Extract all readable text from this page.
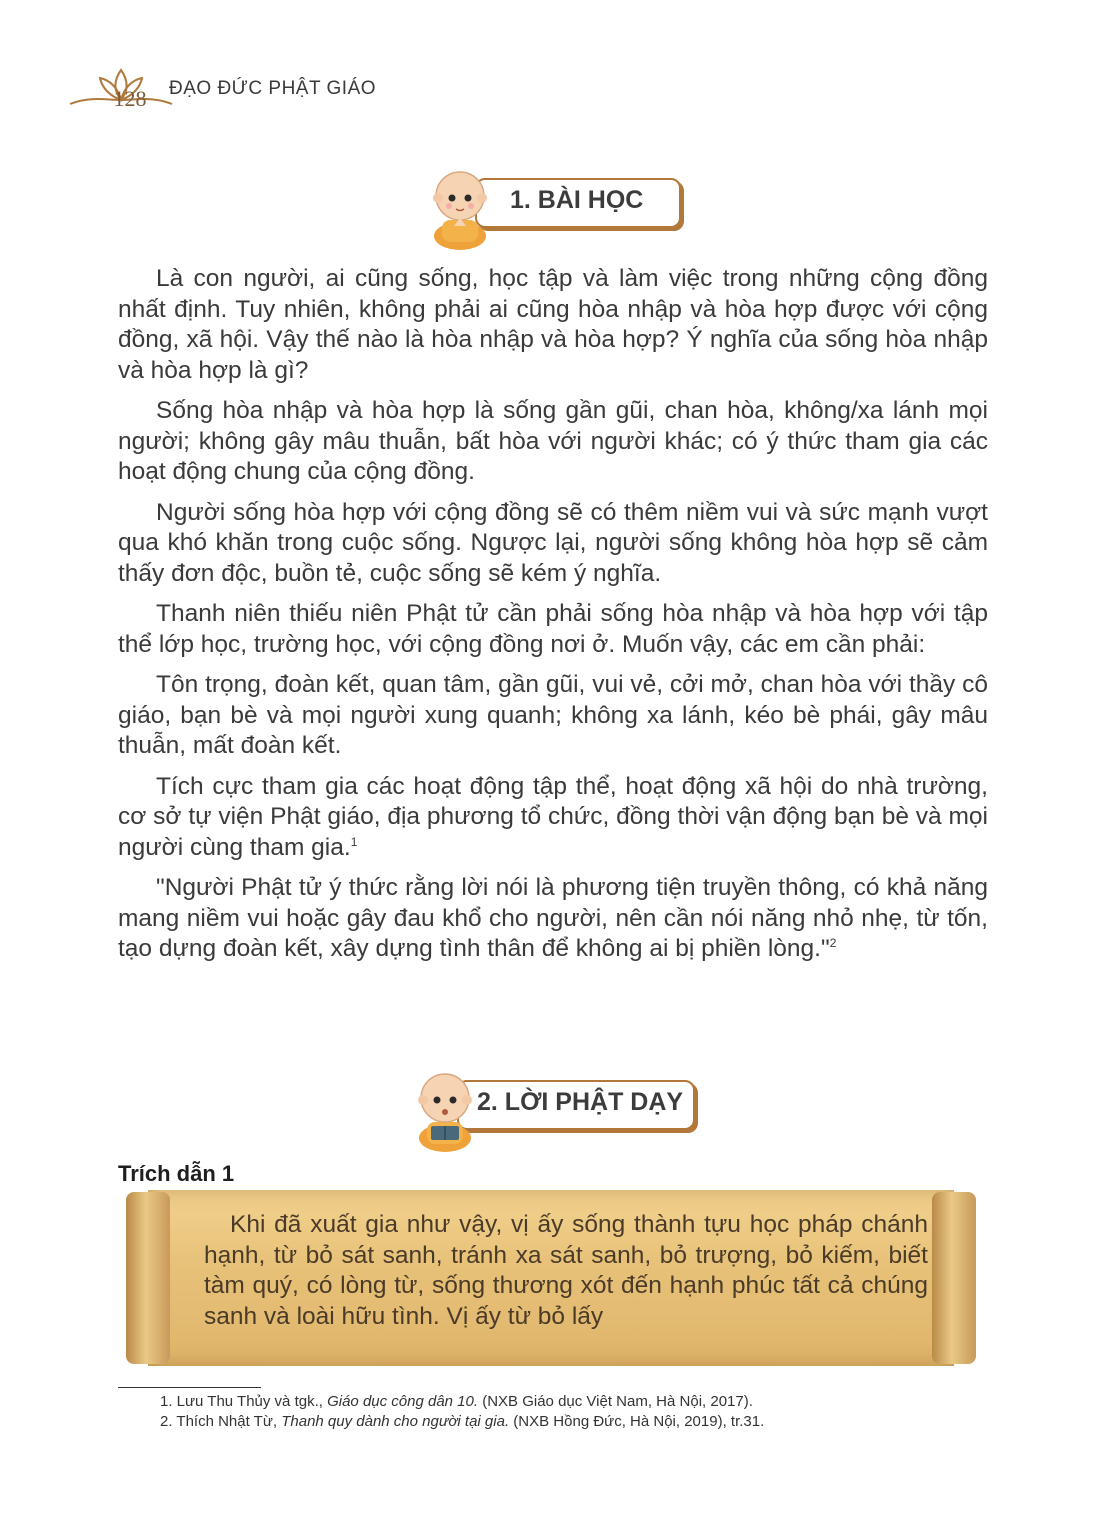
128	ĐẠO ĐỨC PHẬT GIÁO
1. BÀI HỌC

Là con người, ai cũng sống, học tập và làm việc trong những cộng đồng nhất định. Tuy nhiên, không phải ai cũng hòa nhập và hòa hợp được với cộng đồng, xã hội. Vậy thế nào là hòa nhập và hòa hợp? Ý nghĩa của sống hòa nhập và hòa hợp là gì?

Sống hòa nhập và hòa hợp là sống gần gũi, chan hòa, không/xa lánh mọi người; không gây mâu thuẫn, bất hòa với người khác; có ý thức tham gia các hoạt động chung của cộng đồng.

Người sống hòa hợp với cộng đồng sẽ có thêm niềm vui và sức mạnh vượt qua khó khăn trong cuộc sống. Ngược lại, người sống không hòa hợp sẽ cảm thấy đơn độc, buồn tẻ, cuộc sống sẽ kém ý nghĩa.

Thanh niên thiếu niên Phật tử cần phải sống hòa nhập và hòa hợp với tập thể lớp học, trường học, với cộng đồng nơi ở. Muốn vậy, các em cần phải:

Tôn trọng, đoàn kết, quan tâm, gần gũi, vui vẻ, cởi mở, chan hòa với thầy cô giáo, bạn bè và mọi người xung quanh; không xa lánh, kéo bè phái, gây mâu thuẫn, mất đoàn kết.

Tích cực tham gia các hoạt động tập thể, hoạt động xã hội do nhà trường, cơ sở tự viện Phật giáo, địa phương tổ chức, đồng thời vận động bạn bè và mọi người cùng tham gia.$^1$

"Người Phật tử ý thức rằng lời nói là phương tiện truyền thông, có khả năng mang niềm vui hoặc gây đau khổ cho người, nên cần nói năng nhỏ nhẹ, từ tốn, tạo dựng đoàn kết, xây dựng tình thân để không ai bị phiền lòng."$^2$

2. LỜI PHẬT DẠY
Trích dẫn 1
Khi đã xuất gia như vậy, vị ấy sống thành tựu học pháp chánh hạnh, từ bỏ sát sanh, tránh xa sát sanh, bỏ trượng, bỏ kiếm, biết tàm quý, có lòng từ, sống thương xót đến hạnh phúc tất cả chúng sanh và loài hữu tình. Vị ấy từ bỏ lấy
1. Lưu Thu Thủy và tgk., Giáo dục công dân 10. (NXB Giáo dục Việt Nam, Hà Nội, 2017).
2. Thích Nhật Từ, Thanh quy dành cho người tại gia. (NXB Hồng Đức, Hà Nội, 2019), tr.31.
